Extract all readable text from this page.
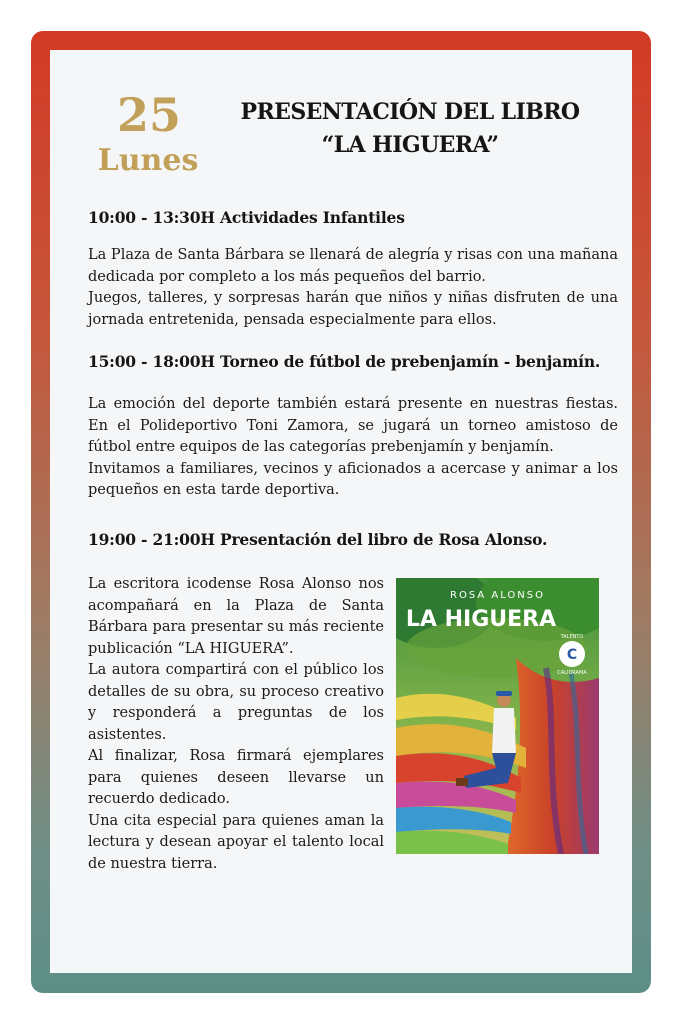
25
Lunes
PRESENTACIÓN DEL LIBRO
“LA HIGUERA”
10:00 - 13:30H Actividades Infantiles

La Plaza de Santa Bárbara se llenará de alegría y risas con una mañana dedicada por completo a los más pequeños del barrio.

Juegos, talleres, y sorpresas harán que niños y niñas disfruten de una jornada entretenida, pensada especialmente para ellos.

15:00 - 18:00H Torneo de fútbol de prebenjamín - benjamín.

La emoción del deporte también estará presente en nuestras fiestas. En el Polideportivo Toni Zamora, se jugará un torneo amistoso de fútbol entre equipos de las categorías prebenjamín y benjamín.

Invitamos a familiares, vecinos y aficionados a acercase y animar a los pequeños en esta tarde deportiva.

19:00 - 21:00H Presentación del libro de Rosa Alonso.

La escritora icodense Rosa Alonso nos acompañará en la Plaza de Santa Bárbara para presentar su más reciente publicación “LA HIGUERA”.

La autora compartirá con el público los detalles de su obra, su proceso creativo y responderá a preguntas de los asistentes.

Al finalizar, Rosa firmará ejemplares para quienes deseen llevarse un recuerdo dedicado.

Una cita especial para quienes aman la lectura y desean apoyar el talento local de nuestra tierra.

ROSA ALONSO
LA HIGUERA
C
TALENTO
CALIDRAMA
